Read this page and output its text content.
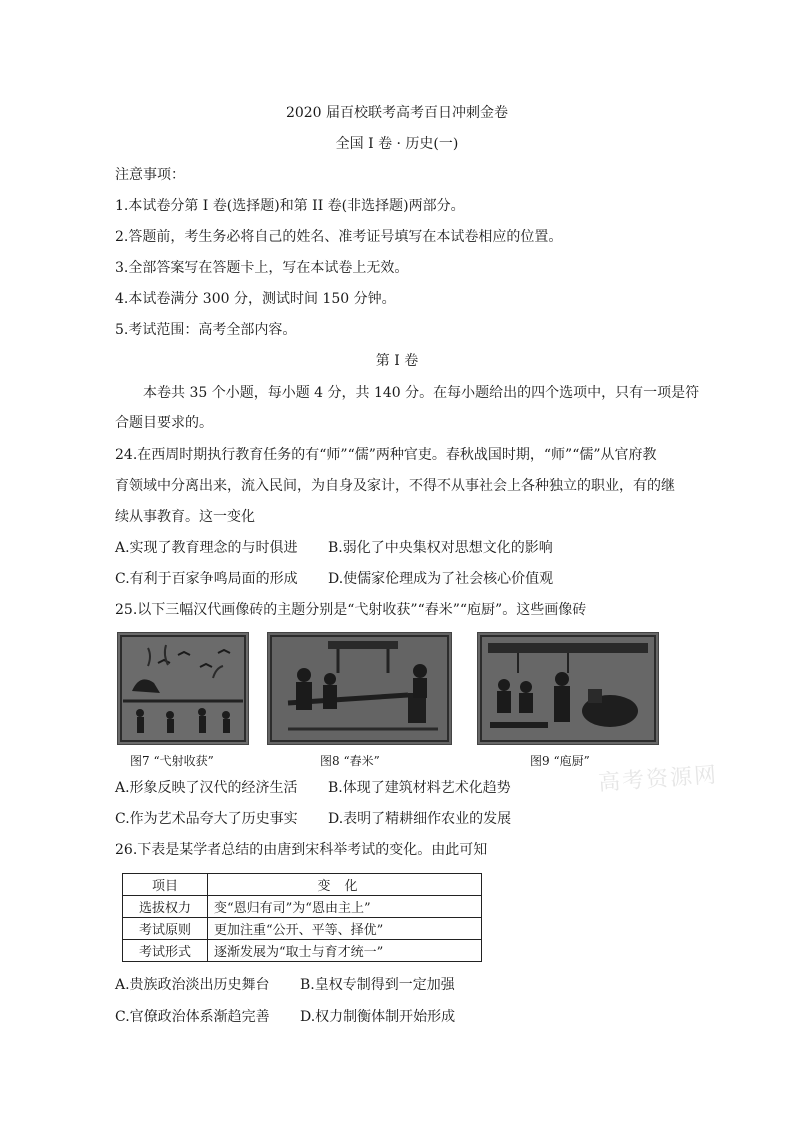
2020 届百校联考高考百日冲刺金卷
全国 I 卷 · 历史(一)
注意事项：
1.本试卷分第 I 卷(选择题)和第 II 卷(非选择题)两部分。
2.答题前，考生务必将自己的姓名、准考证号填写在本试卷相应的位置。
3.全部答案写在答题卡上，写在本试卷上无效。
4.本试卷满分 300 分，测试时间 150 分钟。
5.考试范围：高考全部内容。
第 I 卷
本卷共 35 个小题，每小题 4 分，共 140 分。在每小题给出的四个选项中，只有一项是符
合题目要求的。
24.在西周时期执行教育任务的有“师”“儒”两种官吏。春秋战国时期，“师”“儒”从官府教
育领域中分离出来，流入民间，为自身及家计，不得不从事社会上各种独立的职业，有的继
续从事教育。这一变化
A.实现了教育理念的与时俱进 B.弱化了中央集权对思想文化的影响
C.有利于百家争鸣局面的形成 D.使儒家伦理成为了社会核心价值观
25.以下三幅汉代画像砖的主题分别是“弋射收获”“舂米”“庖厨”。这些画像砖
图7 “弋射收获”	图8 “舂米”	图9 “庖厨”
高考资源网
A.形象反映了汉代的经济生活 B.体现了建筑材料艺术化趋势
C.作为艺术品夸大了历史事实 D.表明了精耕细作农业的发展
26.下表是某学者总结的由唐到宋科举考试的变化。由此可知
项目	变化
选拔权力	变“恩归有司”为“恩由主上”
考试原则	更加注重“公开、平等、择优”
考试形式	逐渐发展为“取士与育才统一”
A.贵族政治淡出历史舞台 B.皇权专制得到一定加强
C.官僚政治体系渐趋完善 D.权力制衡体制开始形成
